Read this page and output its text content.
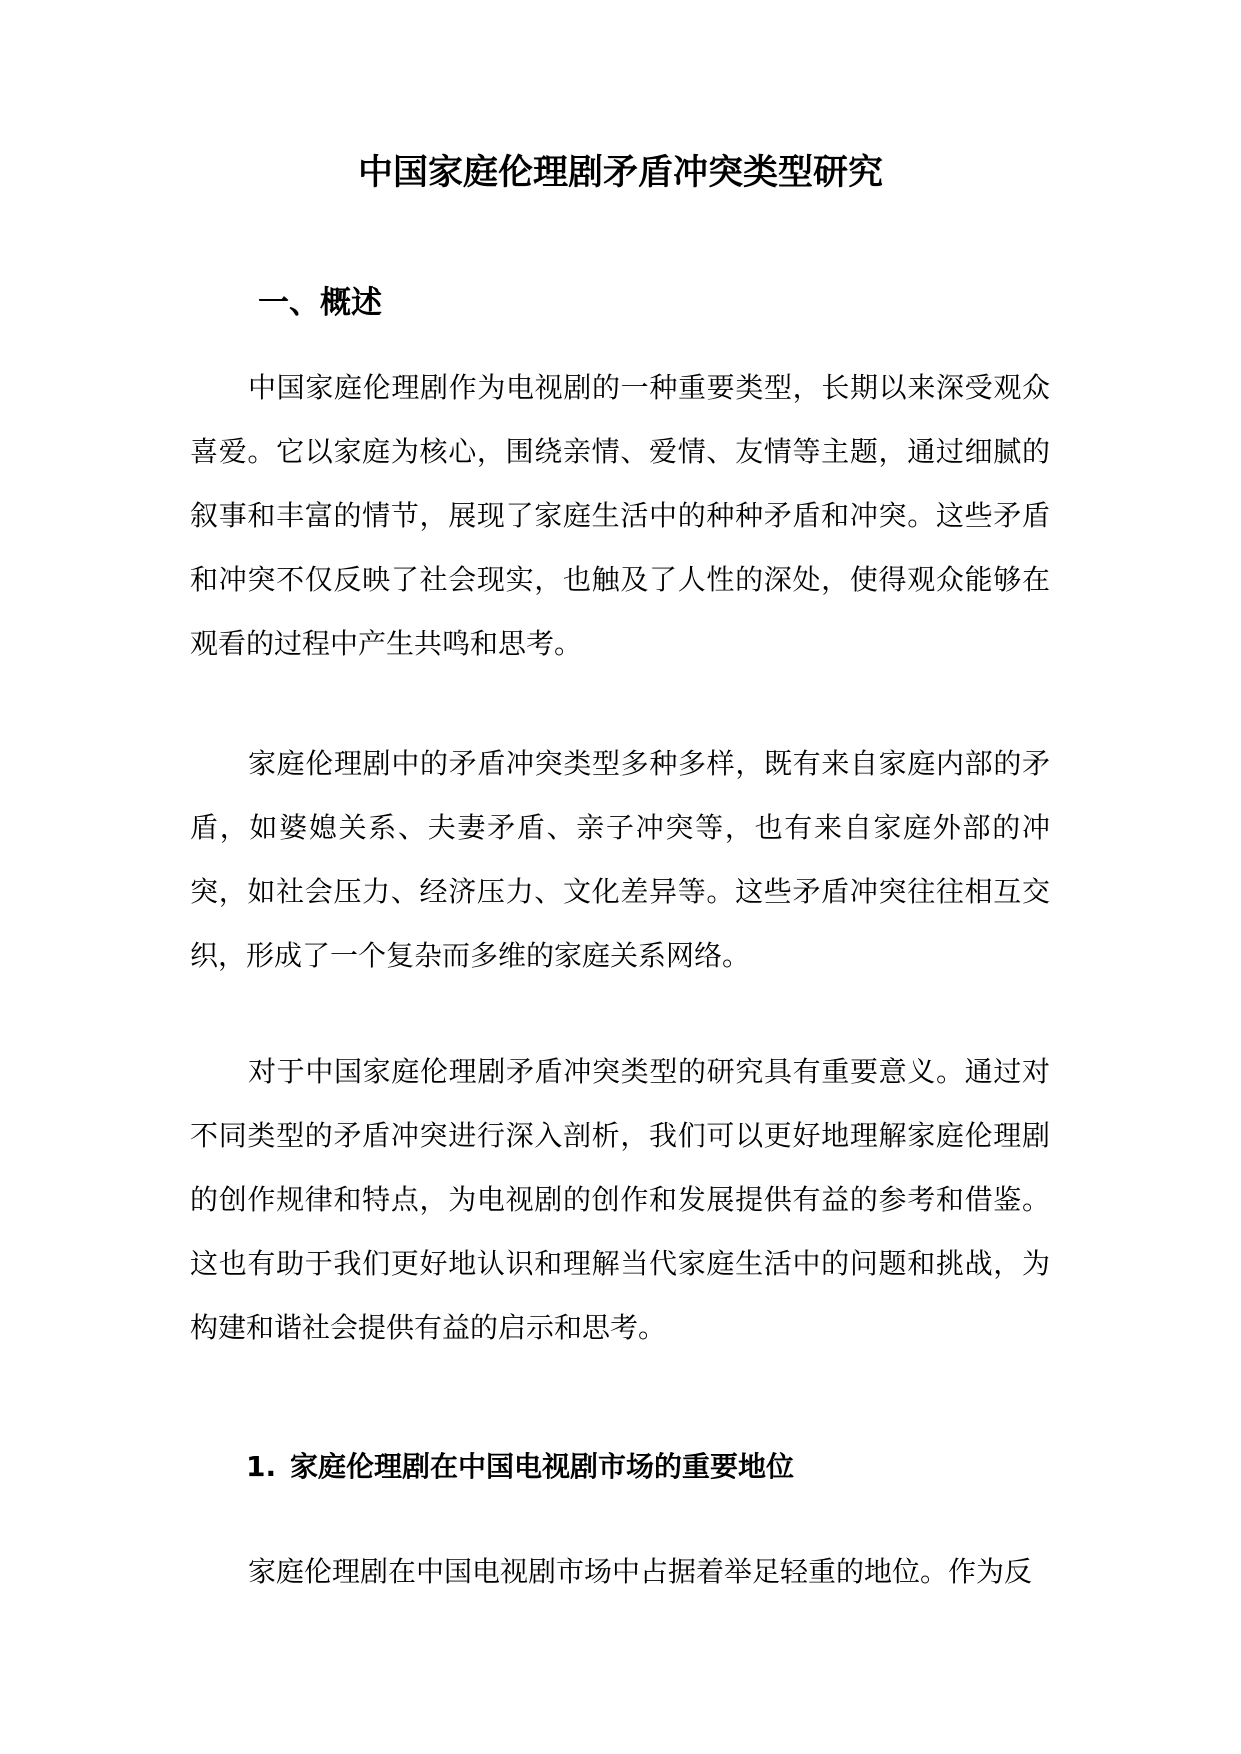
中国家庭伦理剧矛盾冲突类型研究
一、概述

中国家庭伦理剧作为电视剧的一种重要类型，长期以来深受观众喜爱。它以家庭为核心，围绕亲情、爱情、友情等主题，通过细腻的叙事和丰富的情节，展现了家庭生活中的种种矛盾和冲突。这些矛盾和冲突不仅反映了社会现实，也触及了人性的深处，使得观众能够在观看的过程中产生共鸣和思考。

家庭伦理剧中的矛盾冲突类型多种多样，既有来自家庭内部的矛盾，如婆媳关系、夫妻矛盾、亲子冲突等，也有来自家庭外部的冲突，如社会压力、经济压力、文化差异等。这些矛盾冲突往往相互交织，形成了一个复杂而多维的家庭关系网络。

对于中国家庭伦理剧矛盾冲突类型的研究具有重要意义。通过对不同类型的矛盾冲突进行深入剖析，我们可以更好地理解家庭伦理剧的创作规律和特点，为电视剧的创作和发展提供有益的参考和借鉴。这也有助于我们更好地认识和理解当代家庭生活中的问题和挑战，为构建和谐社会提供有益的启示和思考。

1. 家庭伦理剧在中国电视剧市场的重要地位

家庭伦理剧在中国电视剧市场中占据着举足轻重的地位。作为反
